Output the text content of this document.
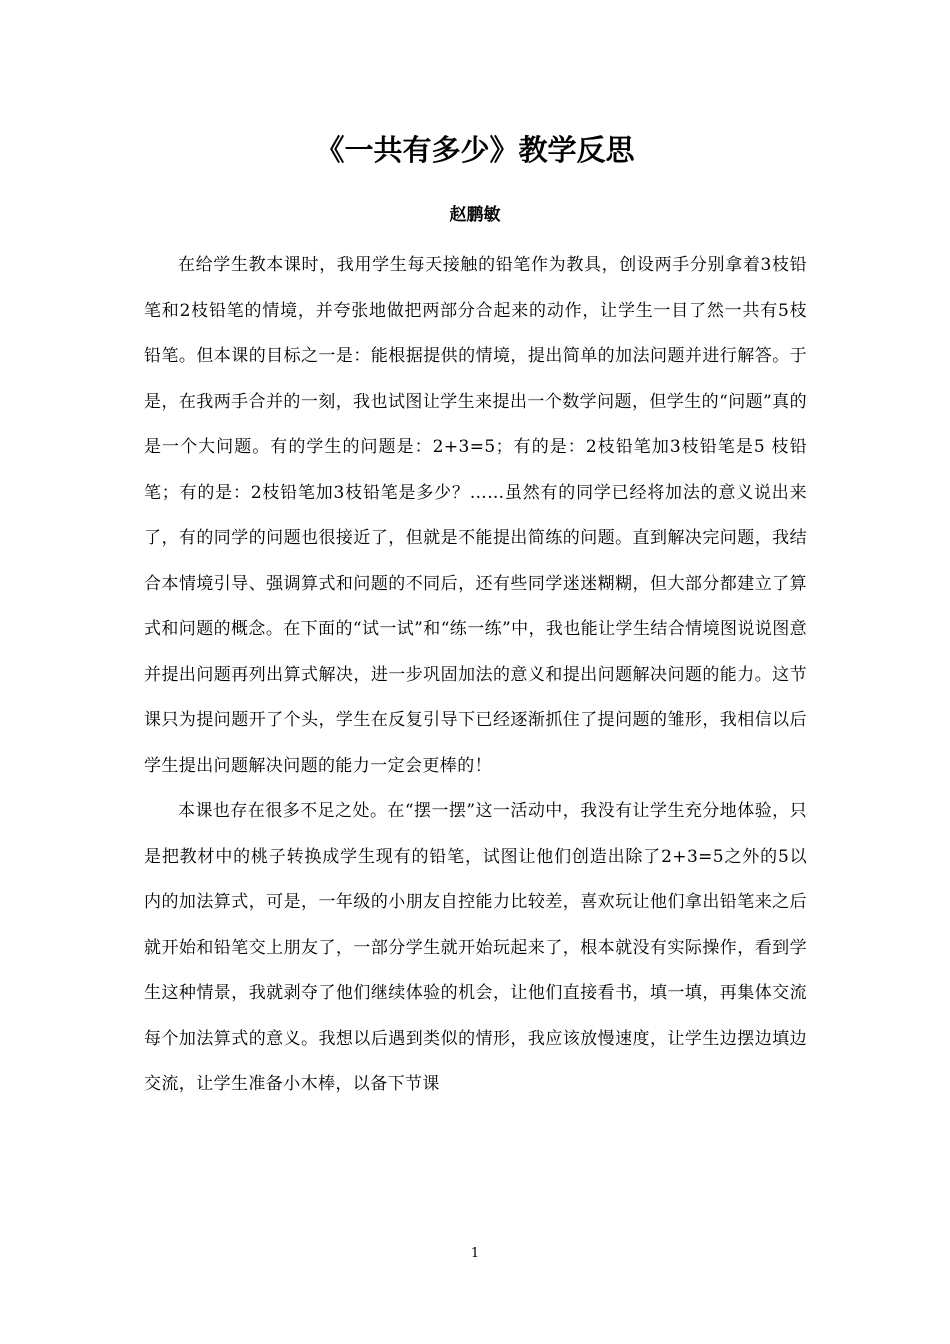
《一共有多少》教学反思

赵鹏敏

在给学生教本课时，我用学生每天接触的铅笔作为教具，创设两手分别拿着3枝铅笔和2枝铅笔的情境，并夸张地做把两部分合起来的动作，让学生一目了然一共有5枝铅笔。但本课的目标之一是：能根据提供的情境，提出简单的加法问题并进行解答。于是，在我两手合并的一刻，我也试图让学生来提出一个数学问题，但学生的“问题”真的是一个大问题。有的学生的问题是：2+3=5；有的是：2枝铅笔加3枝铅笔是5 枝铅笔；有的是：2枝铅笔加3枝铅笔是多少？……虽然有的同学已经将加法的意义说出来了，有的同学的问题也很接近了，但就是不能提出简练的问题。直到解决完问题，我结合本情境引导、强调算式和问题的不同后，还有些同学迷迷糊糊，但大部分都建立了算式和问题的概念。在下面的“试一试”和“练一练”中，我也能让学生结合情境图说说图意并提出问题再列出算式解决，进一步巩固加法的意义和提出问题解决问题的能力。这节课只为提问题开了个头，学生在反复引导下已经逐渐抓住了提问题的雏形，我相信以后学生提出问题解决问题的能力一定会更棒的！

本课也存在很多不足之处。在“摆一摆”这一活动中，我没有让学生充分地体验，只是把教材中的桃子转换成学生现有的铅笔，试图让他们创造出除了2+3=5之外的5以内的加法算式，可是，一年级的小朋友自控能力比较差，喜欢玩让他们拿出铅笔来之后就开始和铅笔交上朋友了，一部分学生就开始玩起来了，根本就没有实际操作，看到学生这种情景，我就剥夺了他们继续体验的机会，让他们直接看书，填一填，再集体交流每个加法算式的意义。我想以后遇到类似的情形，我应该放慢速度，让学生边摆边填边交流，让学生准备小木棒，以备下节课

1
